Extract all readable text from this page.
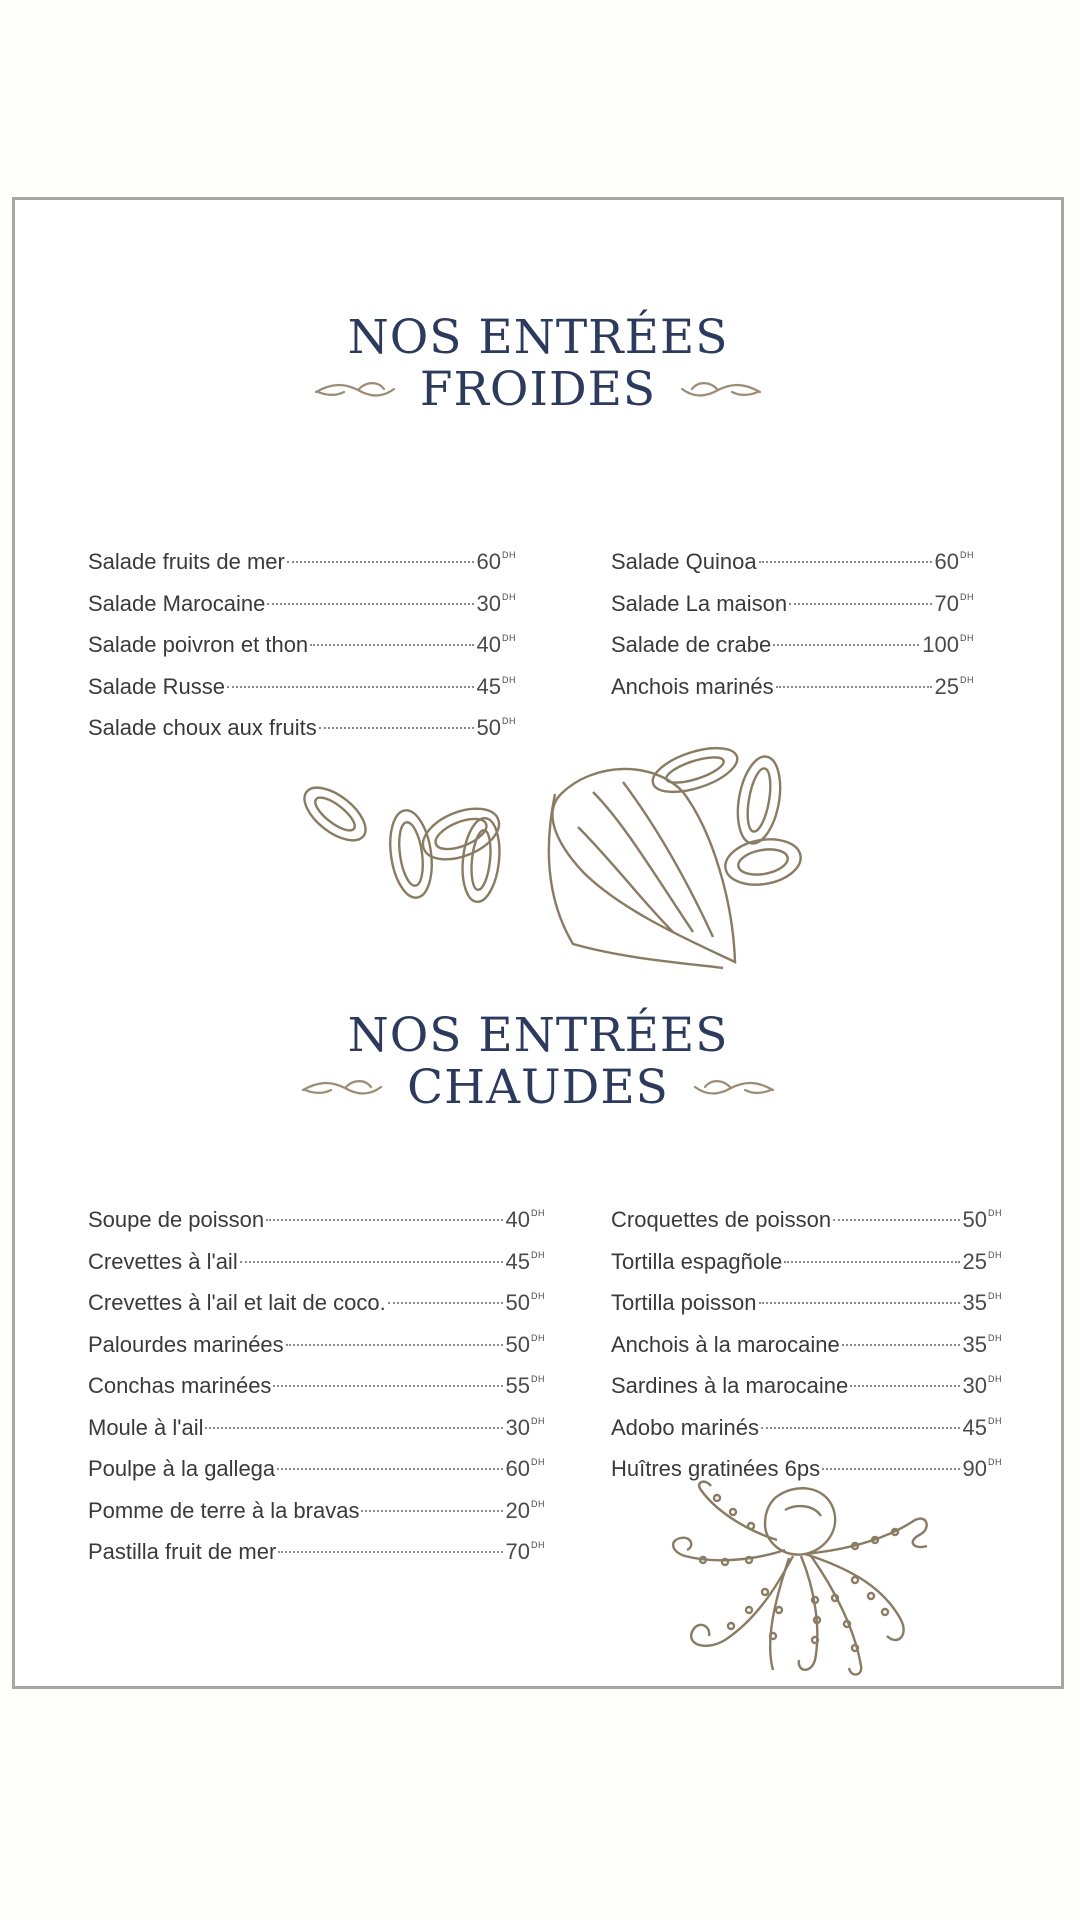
NOS ENTRÉES
FROIDES
Salade fruits de mer	$60^{DH}$
Salade Marocaine	$30^{DH}$
Salade poivron et thon	$40^{DH}$
Salade Russe	$45^{DH}$
Salade choux aux fruits	$50^{DH}$
Salade Quinoa	$60^{DH}$
Salade La maison	$70^{DH}$
Salade de crabe	$100^{DH}$
Anchois marinés	$25^{DH}$
NOS ENTRÉES
CHAUDES
Soupe de poisson	$40^{DH}$
Crevettes à l'ail	$45^{DH}$
Crevettes à l'ail et lait de coco.	$50^{DH}$
Palourdes marinées	$50^{DH}$
Conchas marinées	$55^{DH}$
Moule à l'ail	$30^{DH}$
Poulpe à la gallega	$60^{DH}$
Pomme de terre à la bravas	$20^{DH}$
Pastilla fruit de mer	$70^{DH}$
Croquettes de poisson	$50^{DH}$
Tortilla espagñole	$25^{DH}$
Tortilla poisson	$35^{DH}$
Anchois à la marocaine	$35^{DH}$
Sardines à la marocaine	$30^{DH}$
Adobo marinés	$45^{DH}$
Huîtres gratinées 6ps	$90^{DH}$
